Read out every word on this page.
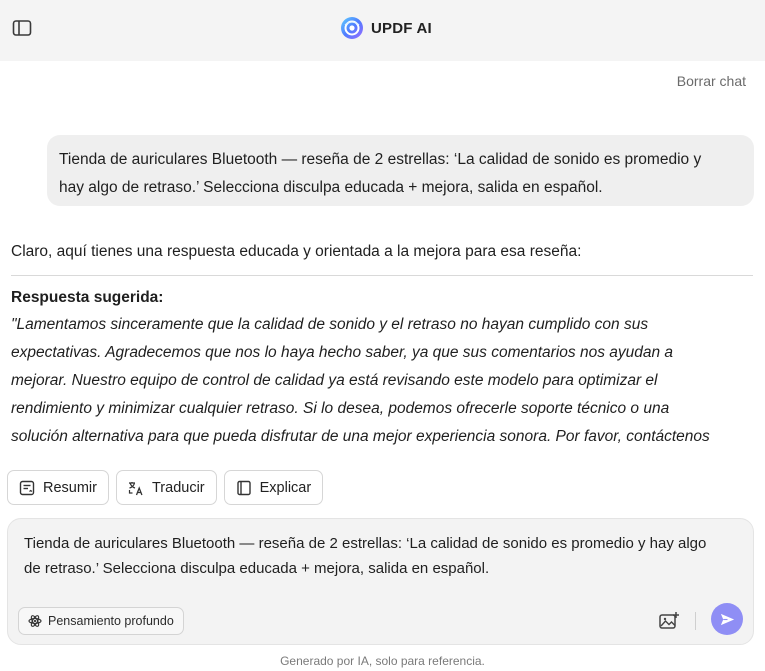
UPDF AI
Borrar chat
Tienda de auriculares Bluetooth — reseña de 2 estrellas: ‘La calidad de sonido es promedio y
hay algo de retraso.’ Selecciona disculpa educada + mejora, salida en español.
Claro, aquí tienes una respuesta educada y orientada a la mejora para esa reseña:
Respuesta sugerida:
"Lamentamos sinceramente que la calidad de sonido y el retraso no hayan cumplido con sus
expectativas. Agradecemos que nos lo haya hecho saber, ya que sus comentarios nos ayudan a
mejorar. Nuestro equipo de control de calidad ya está revisando este modelo para optimizar el
rendimiento y minimizar cualquier retraso. Si lo desea, podemos ofrecerle soporte técnico o una
solución alternativa para que pueda disfrutar de una mejor experiencia sonora. Por favor, contáctenos
Resumir	Traducir	Explicar
Tienda de auriculares Bluetooth — reseña de 2 estrellas: ‘La calidad de sonido es promedio y hay algo
de retraso.’ Selecciona disculpa educada + mejora, salida en español.
Pensamiento profundo
Generado por IA, solo para referencia.
